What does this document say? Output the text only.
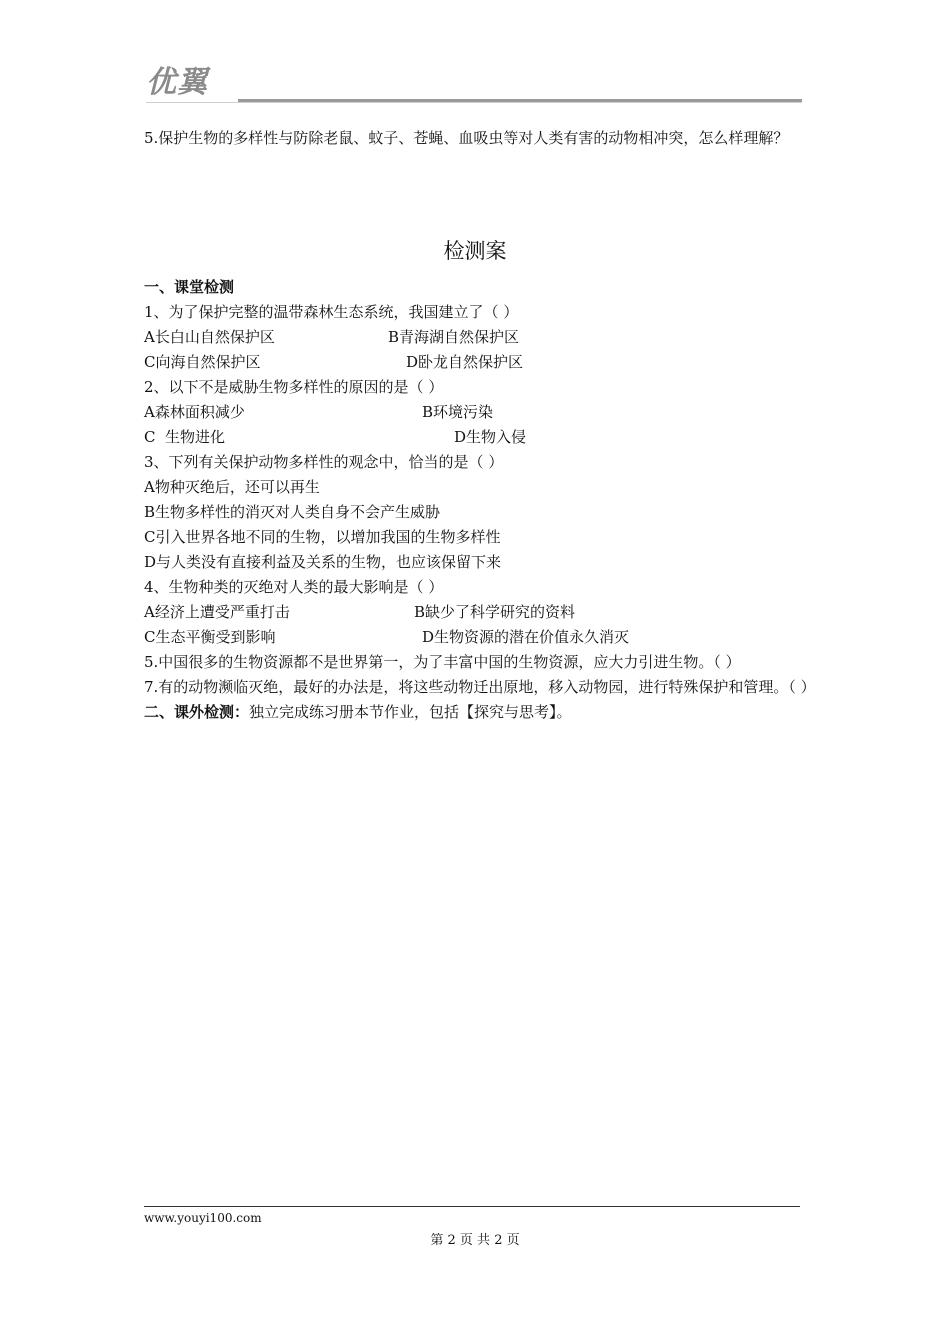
优翼
5.保护生物的多样性与防除老鼠、蚊子、苍蝇、血吸虫等对人类有害的动物相冲突，怎么样理解？
检测案
一、课堂检测
1、为了保护完整的温带森林生态系统，我国建立了（ ）
A长白山自然保护区	B青海湖自然保护区
C向海自然保护区	D卧龙自然保护区
2、以下不是威胁生物多样性的原因的是（ ）
A森林面积减少	B环境污染
C  生物进化	D生物入侵
3、下列有关保护动物多样性的观念中，恰当的是（ ）
A物种灭绝后，还可以再生
B生物多样性的消灭对人类自身不会产生威胁
C引入世界各地不同的生物，以增加我国的生物多样性
D与人类没有直接利益及关系的生物，也应该保留下来
4、生物种类的灭绝对人类的最大影响是（ ）
A经济上遭受严重打击	B缺少了科学研究的资料
C生态平衡受到影响	D生物资源的潜在价值永久消灭
5.中国很多的生物资源都不是世界第一，为了丰富中国的生物资源，应大力引进生物。（ ）
7.有的动物濒临灭绝，最好的办法是，将这些动物迁出原地，移入动物园，进行特殊保护和管理。（ ）
二、课外检测：独立完成练习册本节作业，包括【探究与思考】。
www.youyi100.com
第 2 页 共 2 页
